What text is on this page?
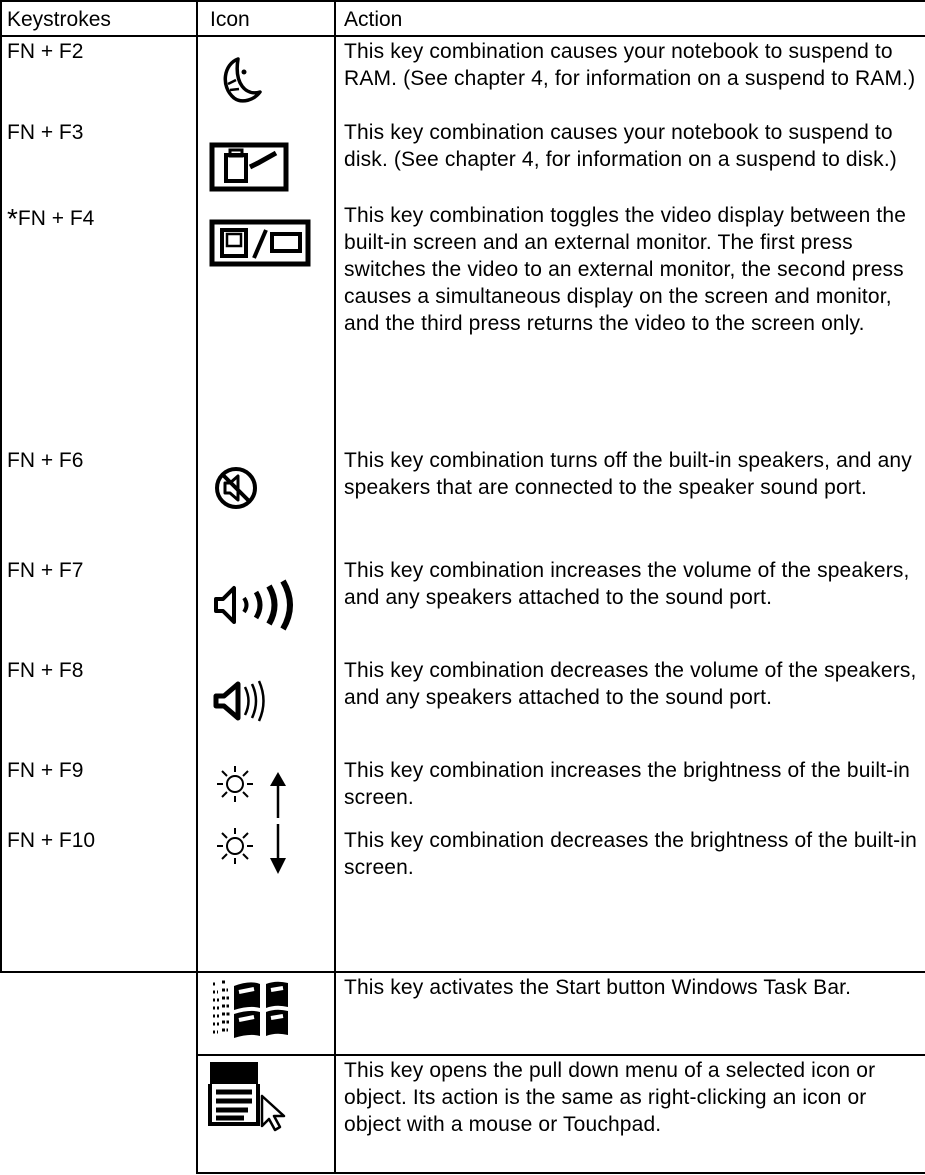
Keystrokes	Icon	Action
FN + F2	This key combination causes your notebook to suspend to RAM. (See chapter 4, for information on a suspend to RAM.)
FN + F3	This key combination causes your notebook to suspend to disk. (See chapter 4, for information on a suspend to disk.)
*FN + F4	This key combination toggles the video display between the built-in screen and an external monitor. The first press switches the video to an external monitor, the second press causes a simultaneous display on the screen and monitor, and the third press returns the video to the screen only.
FN + F6	This key combination turns off the built-in speakers, and any speakers that are connected to the speaker sound port.
FN + F7	This key combination increases the volume of the speakers, and any speakers attached to the sound port.
FN + F8	This key combination decreases the volume of the speakers, and any speakers attached to the sound port.
FN + F9	This key combination increases the brightness of the built-in screen.
FN + F10	This key combination decreases the brightness of the built-in screen.
This key activates the Start button Windows Task Bar.
This key opens the pull down menu of a selected icon or object. Its action is the same as right-clicking an icon or object with a mouse or Touchpad.
